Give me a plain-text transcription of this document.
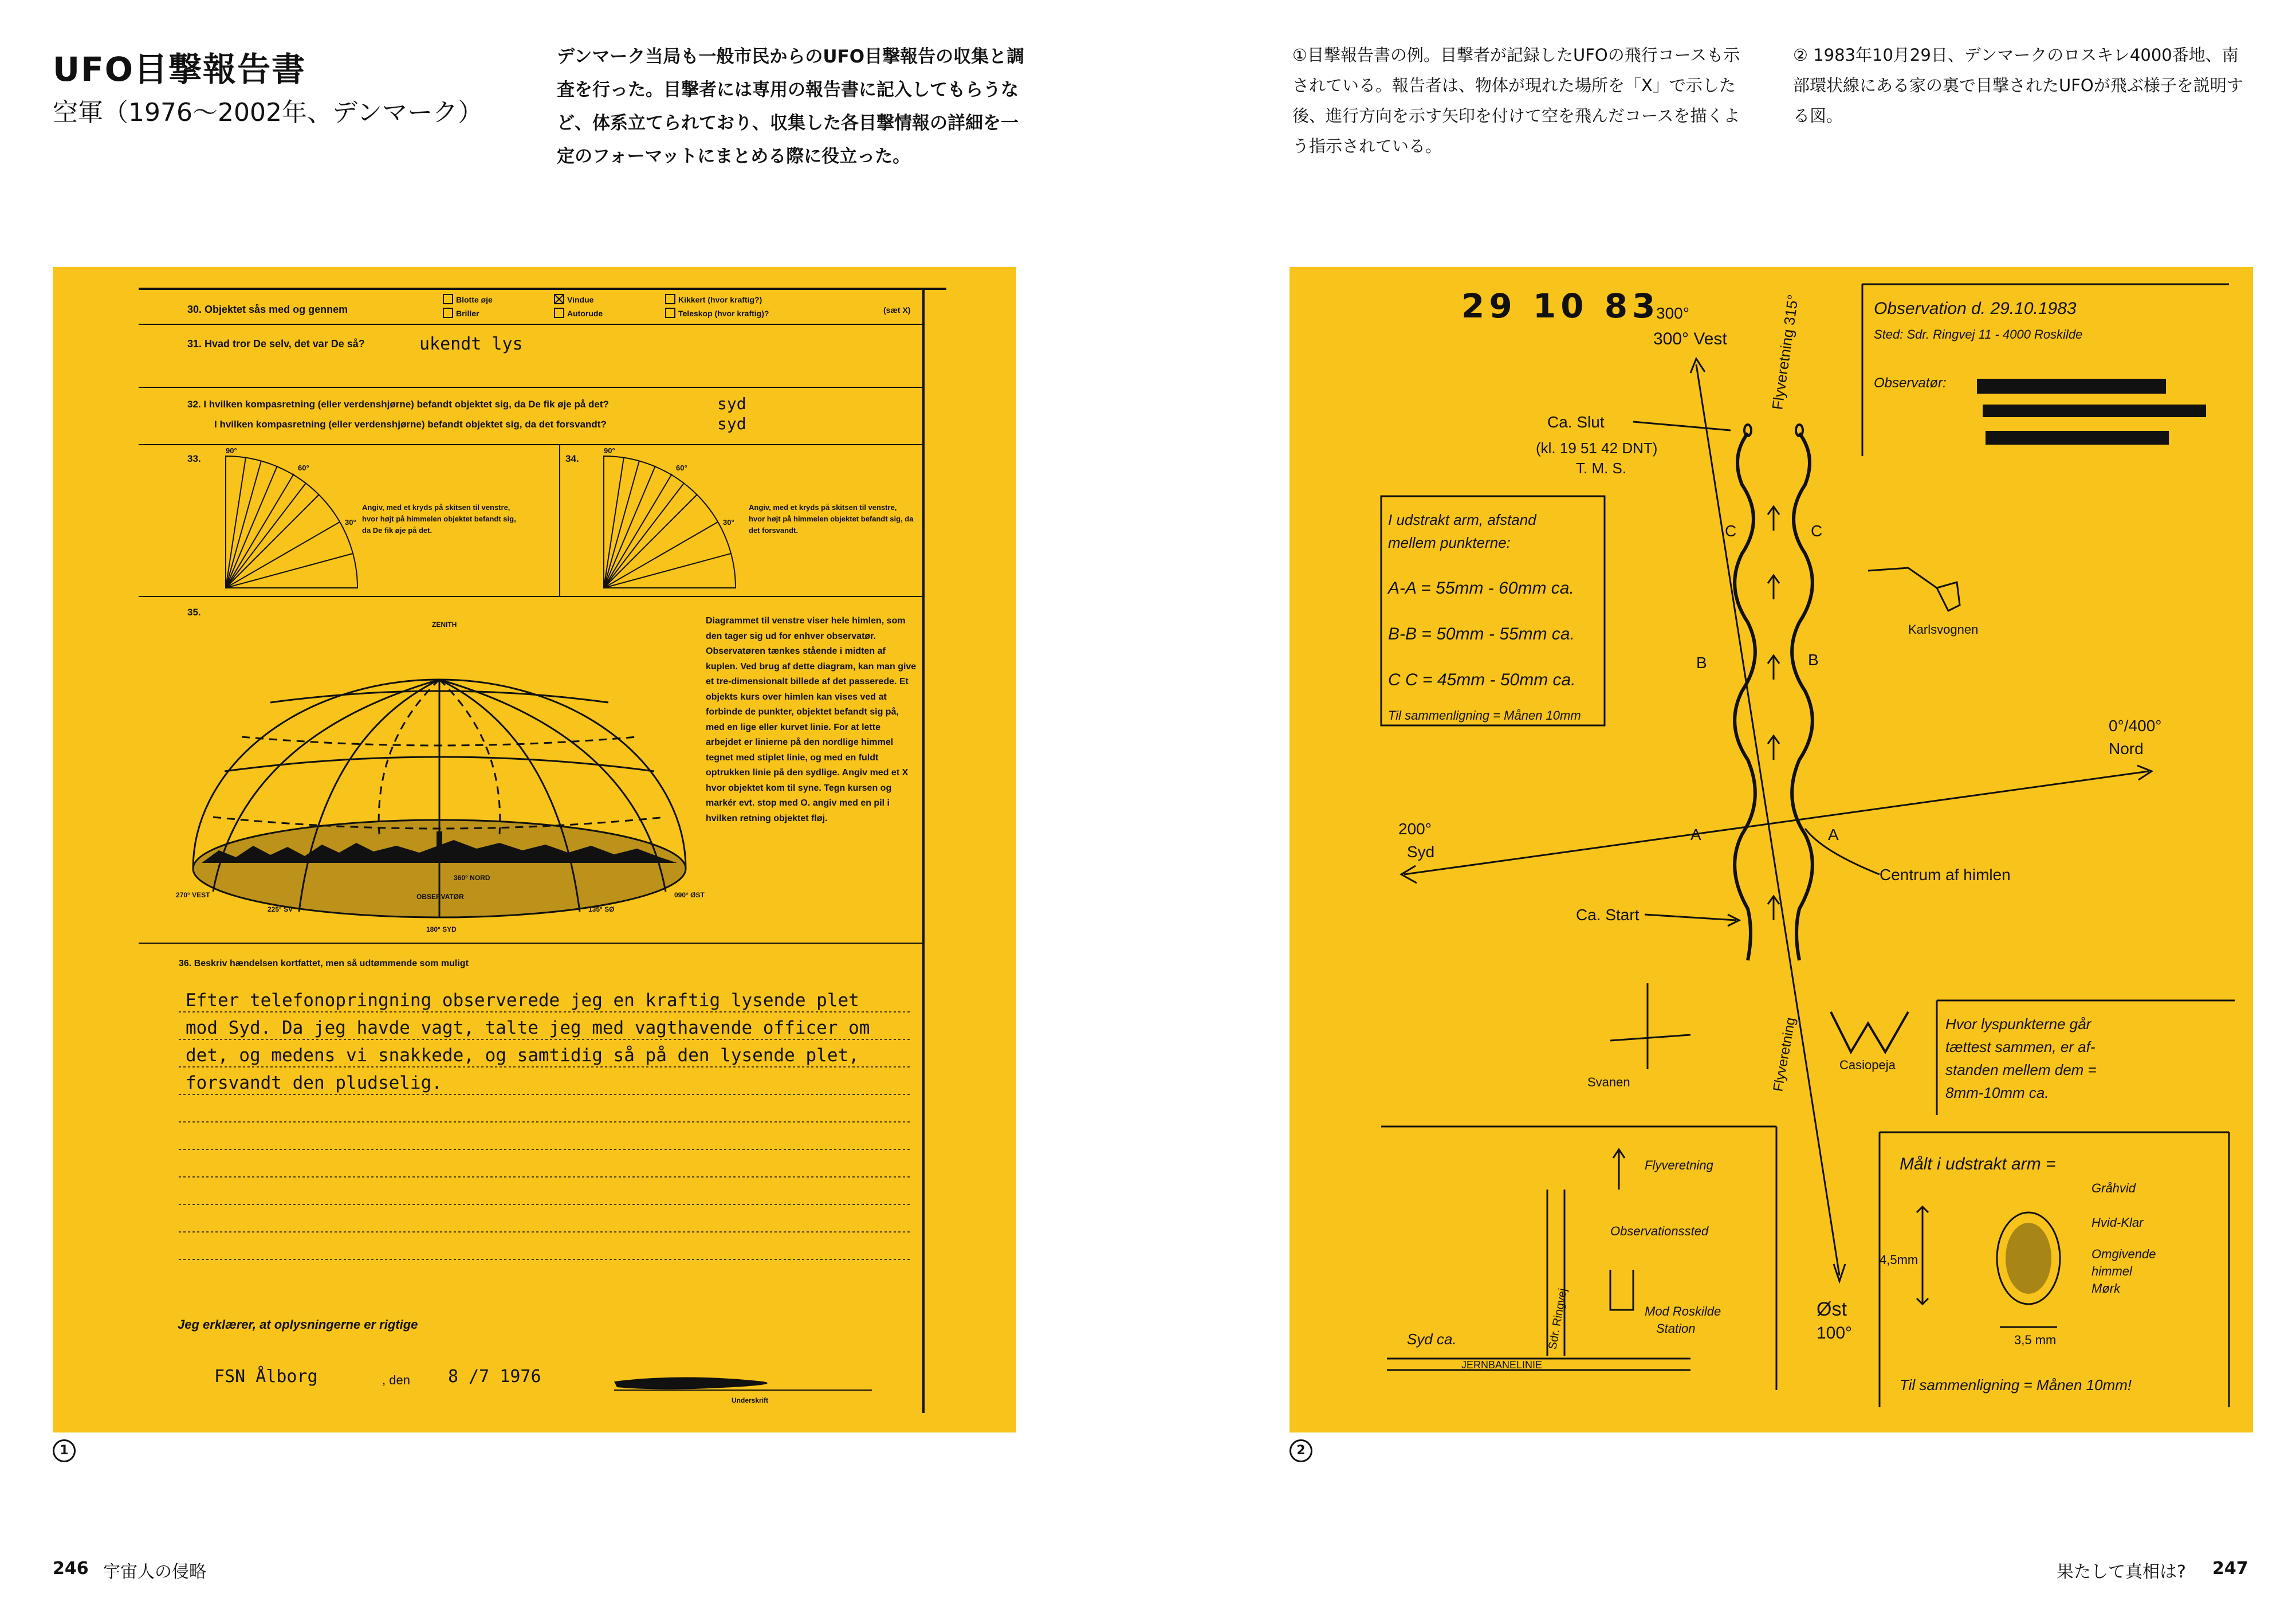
UFO目撃報告書
空軍（1976〜2002年、デンマーク）
デンマーク当局も一般市民からのUFO目撃報告の収集と調査を行った。目撃者には専用の報告書に記入してもらうなど、体系立てられており、収集した各目撃情報の詳細を一定のフォーマットにまとめる際に役立った。
①目撃報告書の例。目撃者が記録したUFOの飛行コースも示されている。報告者は、物体が現れた場所を「X」で示した後、進行方向を示す矢印を付けて空を飛んだコースを描くよう指示されている。
② 1983年10月29日、デンマークのロスキレ4000番地、南部環状線にある家の裏で目撃されたUFOが飛ぶ様子を説明する図。
30. Objektet sås med og gennem
Blotte øje
Briller
Vindue
Autorude
Kikkert (hvor kraftig?)
Teleskop (hvor kraftig)?	(sæt X)
31. Hvad tror De selv, det var De så?	ukendt lys
32. I hvilken kompasretning (eller verdenshjørne) befandt objektet sig, da De fik øje på det?	syd
I hvilken kompasretning (eller verdenshjørne) befandt objektet sig, da det forsvandt?	syd
33.	34.
90°
60°
30°
90°
60°
30°
Angiv, med et kryds på skitsen til venstre, hvor højt på himmelen objektet befandt sig, da De fik øje på det.
Angiv, med et kryds på skitsen til venstre, hvor højt på himmelen objektet befandt sig, da det forsvandt.
35.
ZENITH
360° NORD
270° VEST	090° ØST
180° SYD
225° SV	135° SØ
OBSERVATØR
Diagrammet til venstre viser hele himlen, som den tager sig ud for enhver observatør. Observatøren tænkes stående i midten af kuplen. Ved brug af dette diagram, kan man give et tre-dimensionalt billede af det passerede. Et objekts kurs over himlen kan vises ved at forbinde de punkter, objektet befandt sig på, med en lige eller kurvet linie. For at lette arbejdet er linierne på den nordlige himmel tegnet med stiplet linie, og med en fuldt optrukken linie på den sydlige. Angiv med et X hvor objektet kom til syne. Tegn kursen og markér evt. stop med O. angiv med en pil i hvilken retning objektet fløj.
36. Beskriv hændelsen kortfattet, men så udtømmende som muligt
Efter telefonopringning observerede jeg en kraftig lysende plet
mod Syd. Da jeg havde vagt, talte jeg med vagthavende officer om
det, og medens vi snakkede, og samtidig så på den lysende plet,
forsvandt den pludselig.
Jeg erklærer, at oplysningerne er rigtige
FSN Ålborg	, den 8 /7 1976
Underskrift
1
29 10 83	Observation d. 29.10.1983
Sted: Sdr. Ringvej 11 - 4000 Roskilde
Observatør:
C	C
B	B
A	A
300°
300° Vest	Flyveretning 315°
Ca. Slut
(kl. 19 51 42 DNT)
T. M. S.
I udstrakt arm, afstand
mellem punkterne:
A-A = 55mm - 60mm ca.
B-B = 50mm - 55mm ca.
C C = 45mm - 50mm ca.
Til sammenligning = Månen 10mm
Karlsvognen
0°/400°
Nord
200°
Syd
Centrum af himlen
Ca. Start
Flyveretning
Svanen
Casiopeja
Hvor lyspunkterne går
tættest sammen, er af-
standen mellem dem =
8mm-10mm ca.
Øst
100°
Flyveretning
Observationssted
Sdr. Ringvej	Mod Roskilde
Station
Syd ca.
JERNBANELINIE
Målt i udstrakt arm =
Gråhvid
Hvid-Klar
Omgivende
himmel
Mørk
4,5mm
3,5 mm
Til sammenligning = Månen 10mm!
2
246 宇宙人の侵略	果たして真相は? 247
